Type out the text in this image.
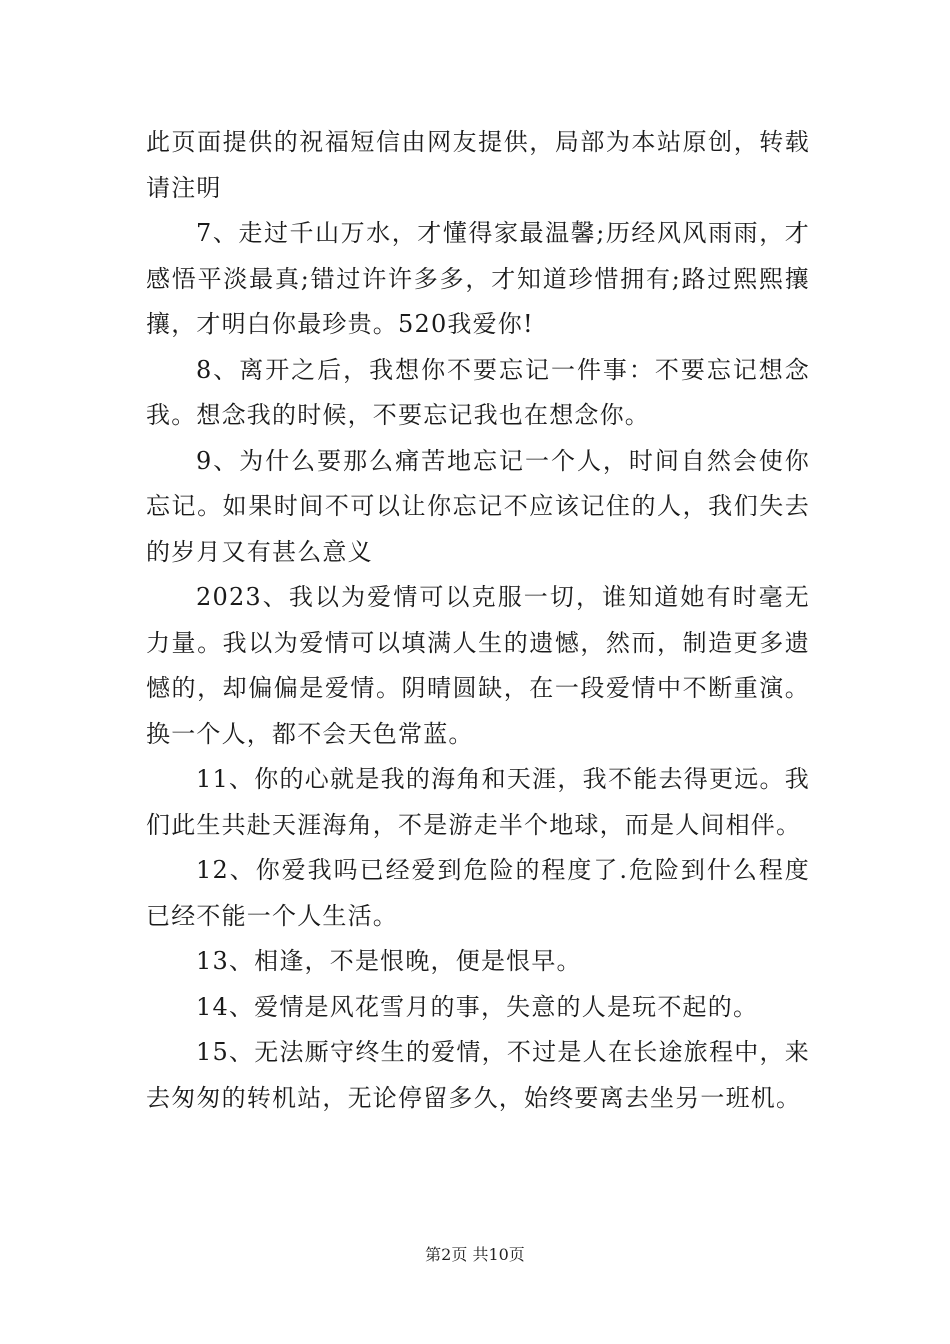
此页面提供的祝福短信由网友提供，局部为本站原创，转载请注明

7、走过千山万水，才懂得家最温馨;历经风风雨雨，才感悟平淡最真;错过许许多多，才知道珍惜拥有;路过熙熙攘攘，才明白你最珍贵。520我爱你!

8、离开之后，我想你不要忘记一件事：不要忘记想念我。想念我的时候，不要忘记我也在想念你。

9、为什么要那么痛苦地忘记一个人，时间自然会使你忘记。如果时间不可以让你忘记不应该记住的人，我们失去的岁月又有甚么意义

2023、我以为爱情可以克服一切，谁知道她有时毫无力量。我以为爱情可以填满人生的遗憾，然而，制造更多遗憾的，却偏偏是爱情。阴晴圆缺，在一段爱情中不断重演。换一个人，都不会天色常蓝。

11、你的心就是我的海角和天涯，我不能去得更远。我们此生共赴天涯海角，不是游走半个地球，而是人间相伴。

12、你爱我吗已经爱到危险的程度了.危险到什么程度已经不能一个人生活。

13、相逢，不是恨晚，便是恨早。

14、爱情是风花雪月的事，失意的人是玩不起的。

15、无法厮守终生的爱情，不过是人在长途旅程中，来去匆匆的转机站，无论停留多久，始终要离去坐另一班机。

第2页 共10页
